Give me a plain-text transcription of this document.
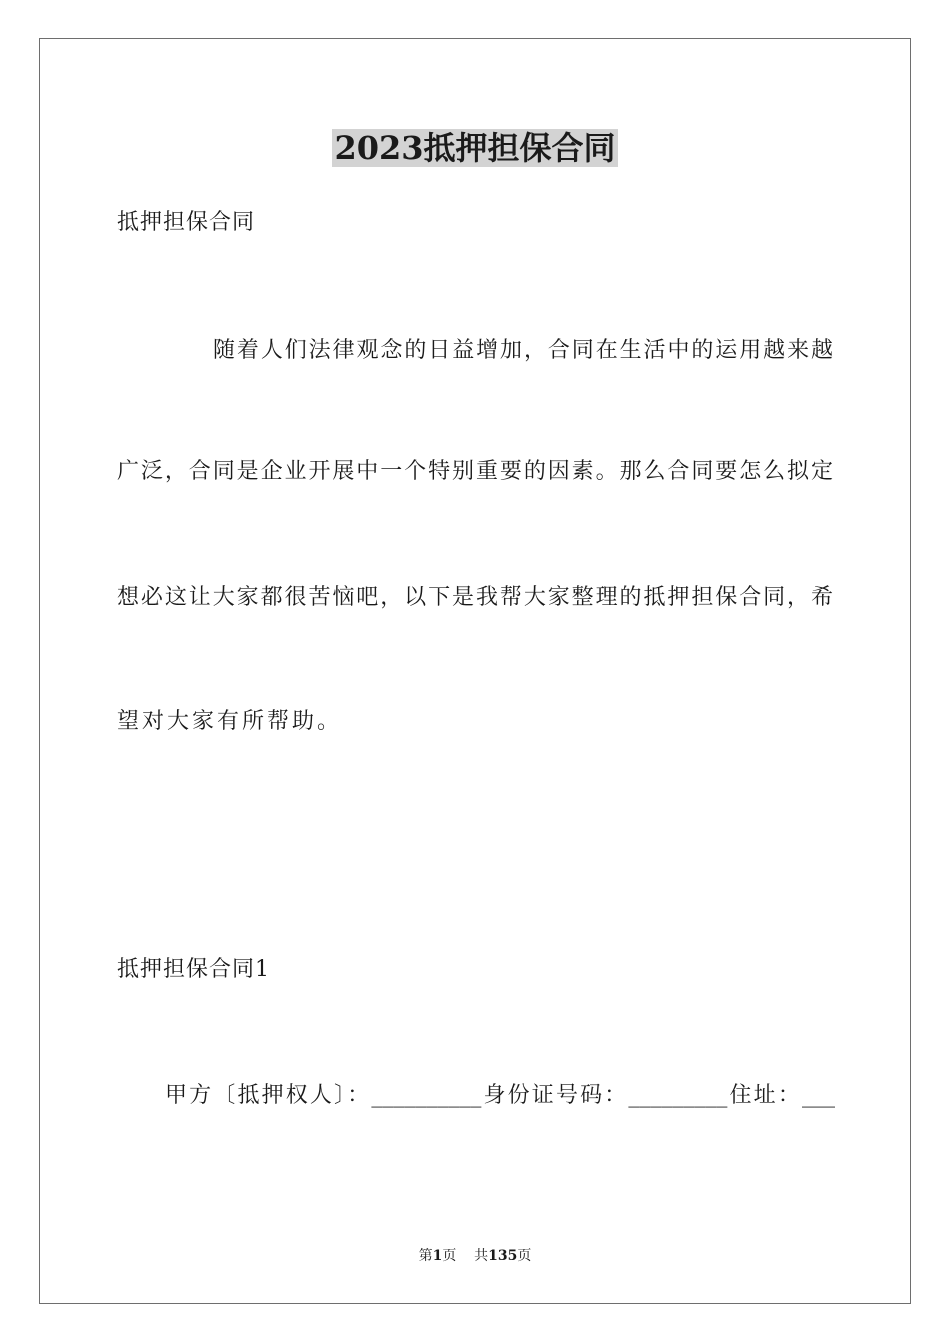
2023抵押担保合同
抵押担保合同
随着人们法律观念的日益增加，合同在生活中的运用越来越
广泛，合同是企业开展中一个特别重要的因素。那么合同要怎么拟定
想必这让大家都很苦恼吧，以下是我帮大家整理的抵押担保合同，希
望对大家有所帮助。
抵押担保合同1
甲方〔抵押权人〕：__________身份证号码：_________住址：___
第1页 共135页
